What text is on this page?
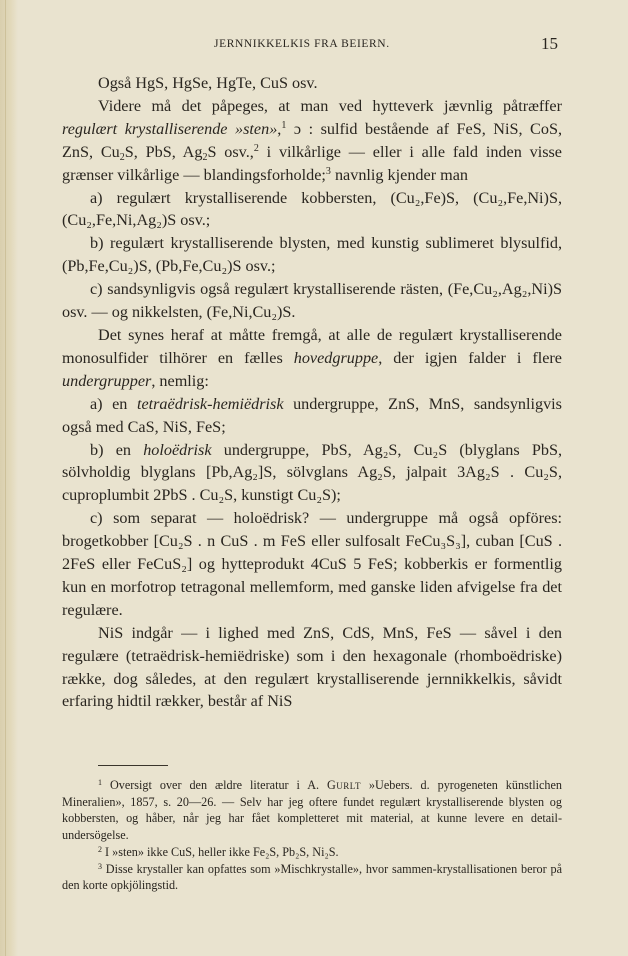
JERNNIKKELKIS FRA BEIERN.	15

Også HgS, HgSe, HgTe, CuS osv.

Videre må det påpeges, at man ved hytteverk jævnlig påtræffer regulært krystalliserende »sten»,$^1$ ɔ : sulfid bestående af FeS, NiS, CoS, ZnS, $Cu_2S$, PbS, $Ag_2S$ osv.,$^2$ i vilkårlige — eller i alle fald inden visse grænser vilkårlige — blandingsforholde;$^3$ navnlig kjender man

a) regulært krystalliserende kobbersten, (Cu₂,Fe)S, (Cu₂,Fe,Ni)S, (Cu₂,Fe,Ni,Ag₂)S osv.;

b) regulært krystalliserende blysten, med kunstig sublimeret blysulfid, (Pb,Fe,Cu₂)S, (Pb,Fe,Cu₂)S osv.;

c) sandsynligvis også regulært krystalliserende rästen, (Fe,Cu₂,Ag₂,Ni)S osv. — og nikkelsten, (Fe,Ni,Cu₂)S.

Det synes heraf at måtte fremgå, at alle de regulært krystalliserende monosulfider tilhörer en fælles hovedgruppe, der igjen falder i flere undergrupper, nemlig:

a) en tetraëdrisk-hemiëdrisk undergruppe, ZnS, MnS, sandsynligvis også med CaS, NiS, FeS;

b) en holoëdrisk undergruppe, PbS, Ag₂S, Cu₂S (blyglans PbS, sölvholdig blyglans [Pb,Ag₂]S, sölvglans Ag₂S, jalpait 3Ag₂S . Cu₂S, cuproplumbit 2PbS . Cu₂S, kunstigt Cu₂S);

c) som separat — holoëdrisk? — undergruppe må også opföres: brogetkobber [Cu₂S . n CuS . m FeS eller sulfosalt FeCu₃S₃], cuban [CuS . 2FeS eller FeCuS₂] og hytteprodukt 4CuS 5 FeS; kobberkis er formentlig kun en morfotrop tetragonal mellemform, med ganske liden afvigelse fra det regulære.

NiS indgår — i lighed med ZnS, CdS, MnS, FeS — såvel i den regulære (tetraëdrisk-hemiëdriske) som i den hexagonale (rhomboëdriske) række, dog således, at den regulært krystalliserende jernnikkelkis, såvidt erfaring hidtil rækker, består af NiS

$^1$ Oversigt over den ældre literatur i A. Gurlt »Uebers. d. pyrogeneten künstlichen Mineralien», 1857, s. 20—26. — Selv har jeg oftere fundet regulært krystalliserende blysten og kobbersten, og håber, når jeg har fået kompletteret mit material, at kunne levere en detail-undersögelse.

$^2$ I »sten» ikke CuS, heller ikke Fe₂S, Pb₂S, Ni₂S.

$^3$ Disse krystaller kan opfattes som »Mischkrystalle», hvor sammen-krystallisationen beror på den korte opkjölingstid.
